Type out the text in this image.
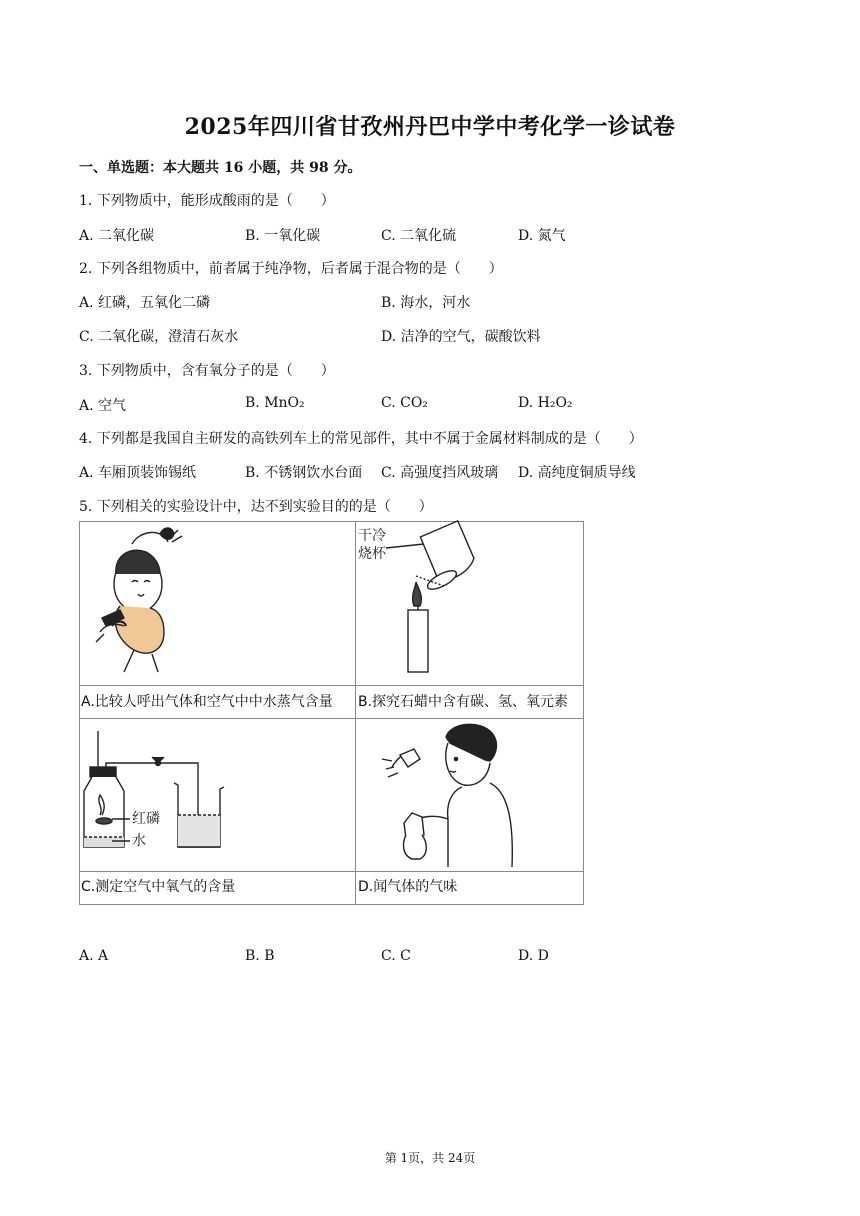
2025年四川省甘孜州丹巴中学中考化学一诊试卷
一、单选题：本大题共 16 小题，共 98 分。
1. 下列物质中，能形成酸雨的是（　　）
A. 二氧化碳	B. 一氧化碳	C. 二氧化硫	D. 氮气
2. 下列各组物质中，前者属于纯净物，后者属于混合物的是（　　）
A. 红磷，五氧化二磷	B. 海水，河水
C. 二氧化碳，澄清石灰水	D. 洁净的空气，碳酸饮料
3. 下列物质中，含有氧分子的是（　　）
A. 空气	B. MnO₂	C. CO₂	D. H₂O₂
4. 下列都是我国自主研发的高铁列车上的常见部件，其中不属于金属材料制成的是（　　）
A. 车厢顶装饰锡纸	B. 不锈钢饮水台面 C. 高强度挡风玻璃 D. 高纯度铜质导线
5. 下列相关的实验设计中，达不到实验目的的是（　　）
干冷
烧杯
A.比较人呼出气体和空气中中水蒸气含量 B.探究石蜡中含有碳、氢、氧元素
红磷
水
C.测定空气中氧气的含量	D.闻气体的气味
A. A	B. B	C. C	D. D
第 1页，共 24页
